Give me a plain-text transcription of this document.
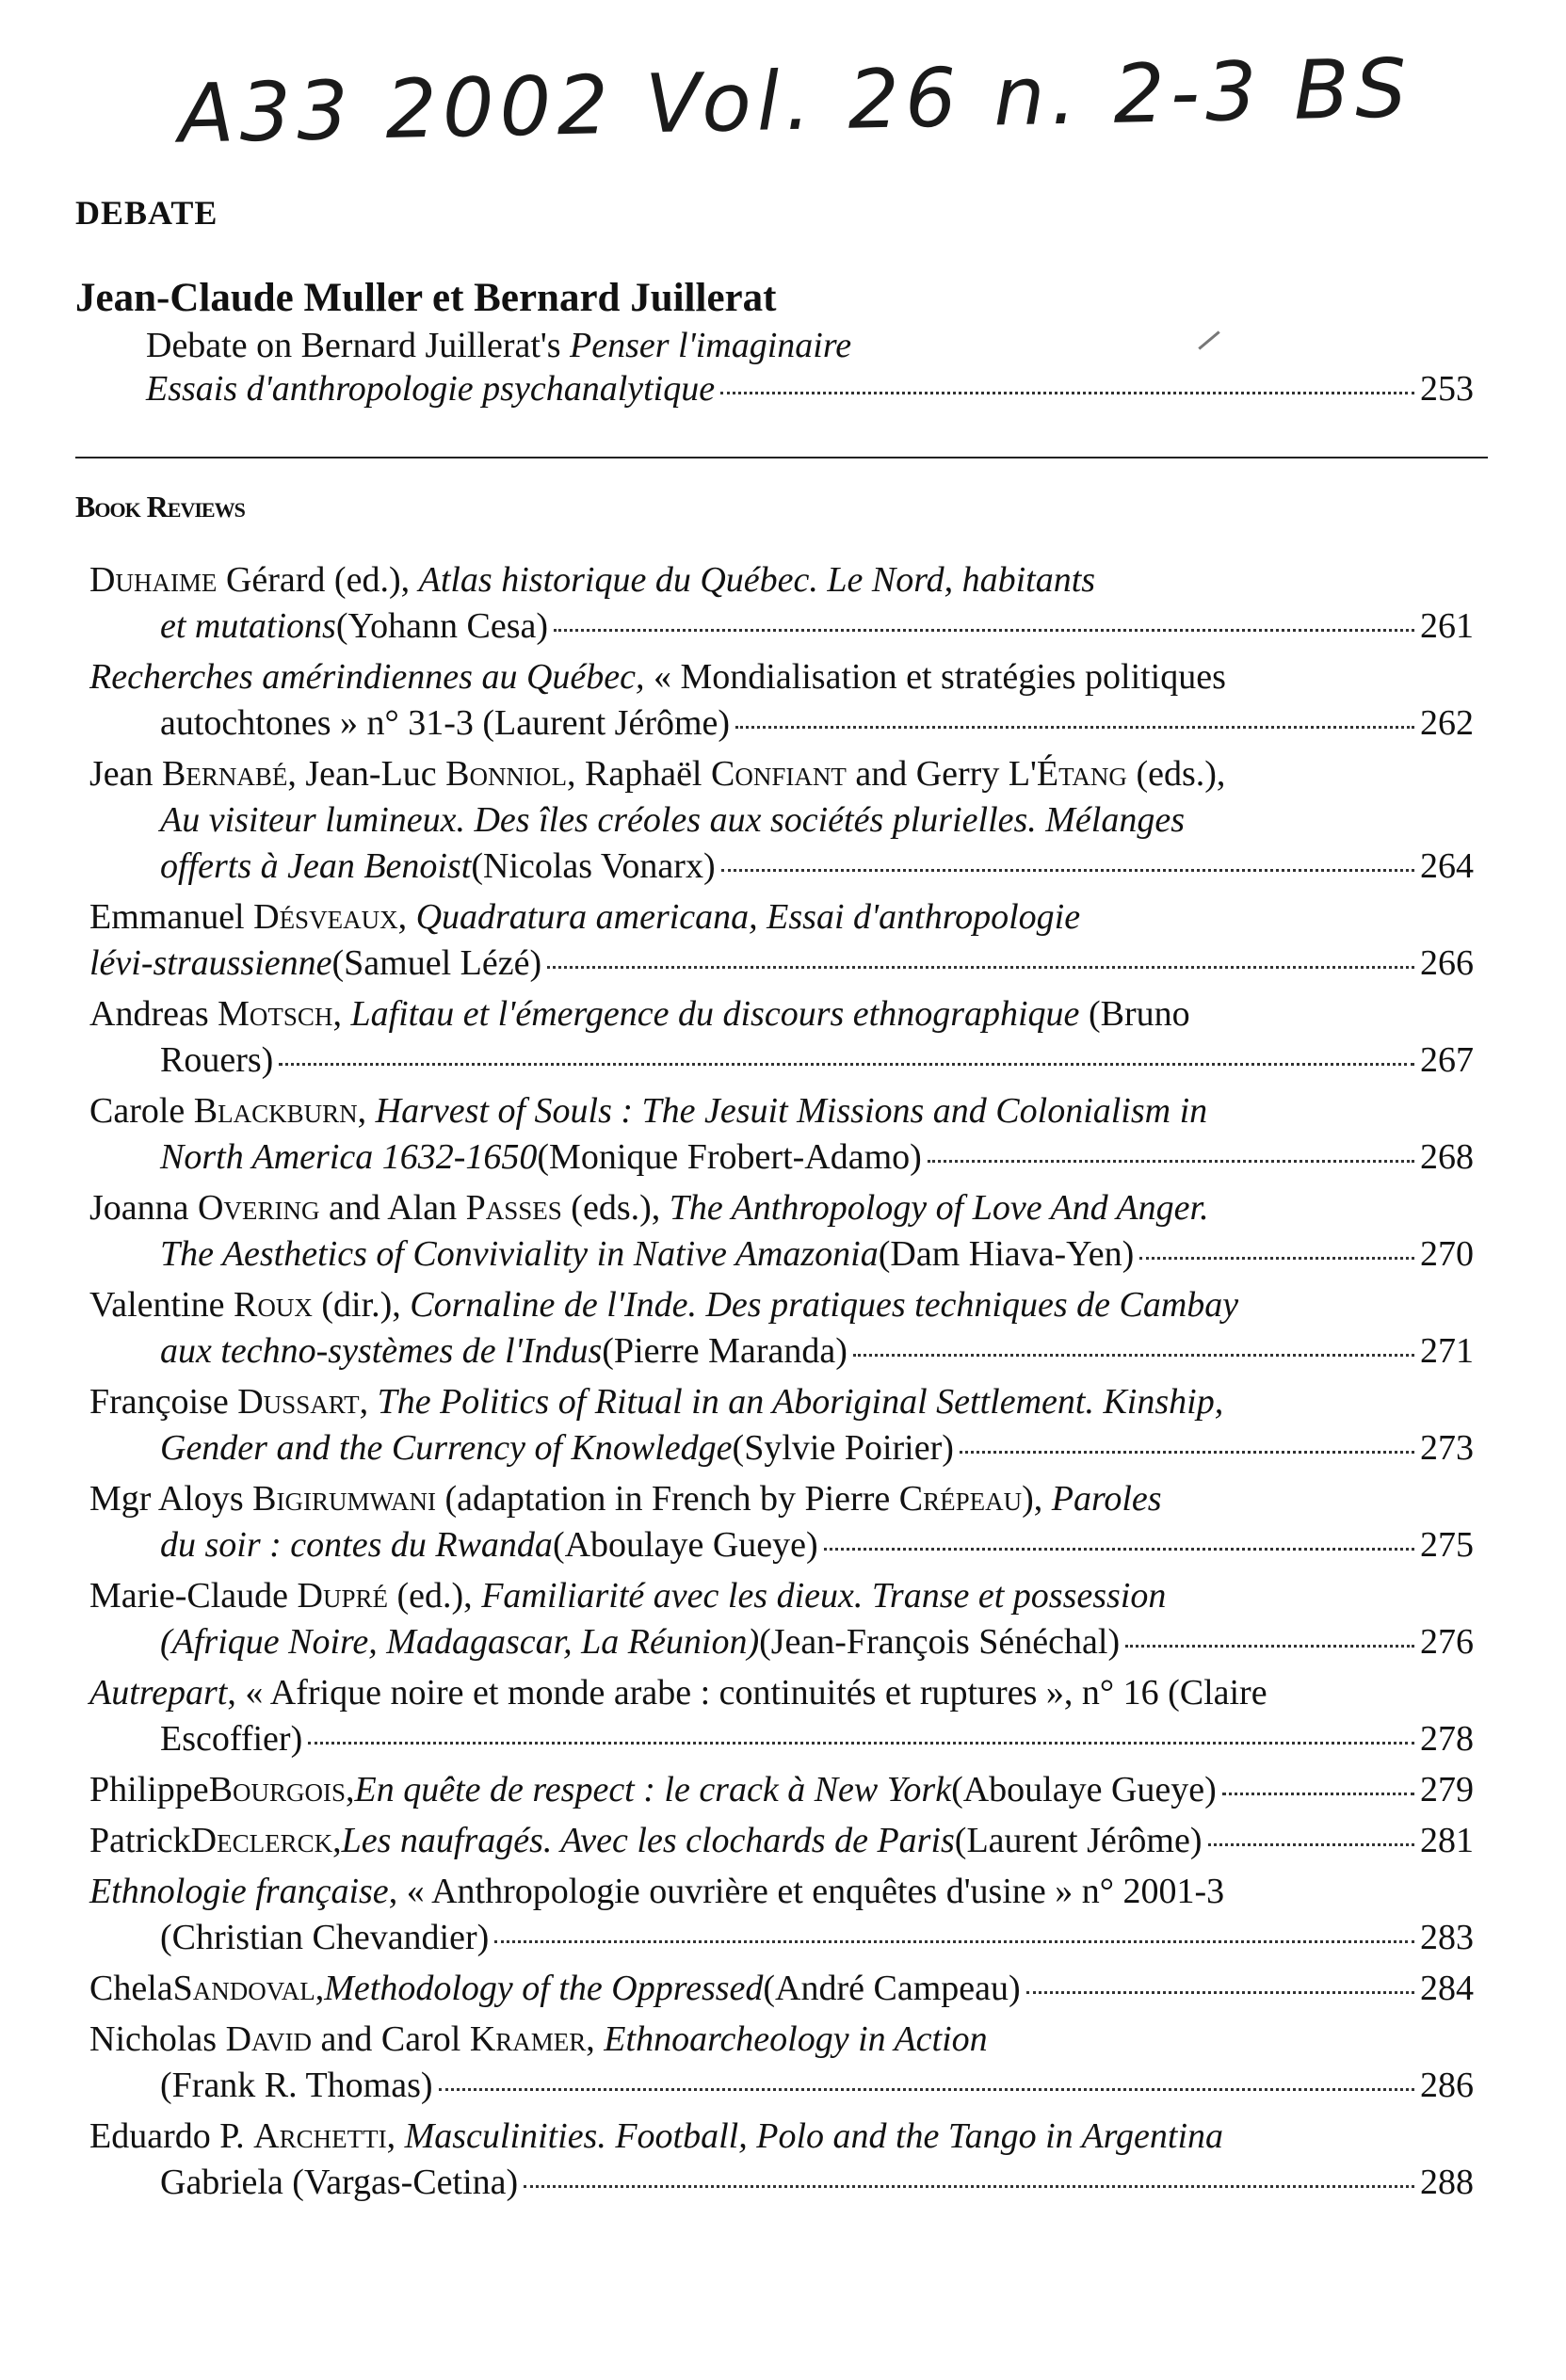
A33 2002 Vol. 26 n. 2-3 BS
DEBATE
Jean-Claude Muller et Bernard Juillerat
Debate on Bernard Juillerat's Penser l'imaginaire
Essais d'anthropologie psychanalytique	253
Book Reviews
Duhaime Gérard (ed.), Atlas historique du Québec. Le Nord, habitants
et mutations (Yohann Cesa)	261
Recherches amérindiennes au Québec, « Mondialisation et stratégies politiques
autochtones » n° 31-3 (Laurent Jérôme)	262
Jean Bernabé, Jean-Luc Bonniol, Raphaël Confiant and Gerry L'Étang (eds.),
Au visiteur lumineux. Des îles créoles aux sociétés plurielles. Mélanges
offerts à Jean Benoist (Nicolas Vonarx)	264
Emmanuel Désveaux, Quadratura americana, Essai d'anthropologie
lévi-straussienne (Samuel Lézé)	266
Andreas Motsch, Lafitau et l'émergence du discours ethnographique (Bruno
Rouers)	267
Carole Blackburn, Harvest of Souls : The Jesuit Missions and Colonialism in
North America 1632-1650 (Monique Frobert-Adamo)	268
Joanna Overing and Alan Passes (eds.), The Anthropology of Love And Anger.
The Aesthetics of Conviviality in Native Amazonia (Dam Hiava-Yen)	270
Valentine Roux (dir.), Cornaline de l'Inde. Des pratiques techniques de Cambay
aux techno-systèmes de l'Indus (Pierre Maranda)	271
Françoise Dussart, The Politics of Ritual in an Aboriginal Settlement. Kinship,
Gender and the Currency of Knowledge (Sylvie Poirier)	273
Mgr Aloys Bigirumwani (adaptation in French by Pierre Crépeau), Paroles
du soir : contes du Rwanda (Aboulaye Gueye)	275
Marie-Claude Dupré (ed.), Familiarité avec les dieux. Transe et possession
(Afrique Noire, Madagascar, La Réunion) (Jean-François Sénéchal)	276
Autrepart, « Afrique noire et monde arabe : continuités et ruptures », n° 16 (Claire
Escoffier)	278
Philippe Bourgois , En quête de respect : le crack à New York (Aboulaye Gueye)	279
Patrick Declerck , Les naufragés. Avec les clochards de Paris (Laurent Jérôme)	281
Ethnologie française, « Anthropologie ouvrière et enquêtes d'usine » n° 2001-3
(Christian Chevandier)	283
Chela Sandoval , Methodology of the Oppressed (André Campeau)	284
Nicholas David and Carol Kramer, Ethnoarcheology in Action
(Frank R. Thomas)	286
Eduardo P. Archetti, Masculinities. Football, Polo and the Tango in Argentina
Gabriela (Vargas-Cetina)	288
